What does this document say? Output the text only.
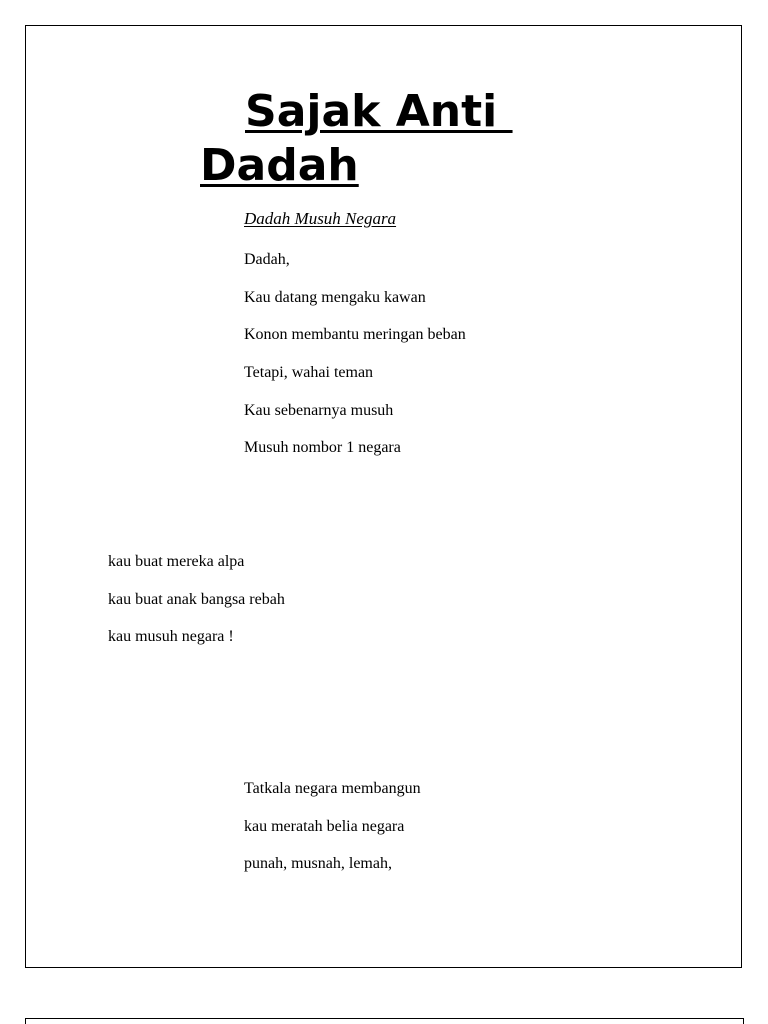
Sajak Anti
Dadah
Dadah Musuh Negara
Dadah,
Kau datang mengaku kawan
Konon membantu meringan beban
Tetapi, wahai teman
Kau sebenarnya musuh
Musuh nombor 1 negara
kau buat mereka alpa
kau buat anak bangsa rebah
kau musuh negara !
Tatkala negara membangun
kau meratah belia negara
punah, musnah, lemah,
